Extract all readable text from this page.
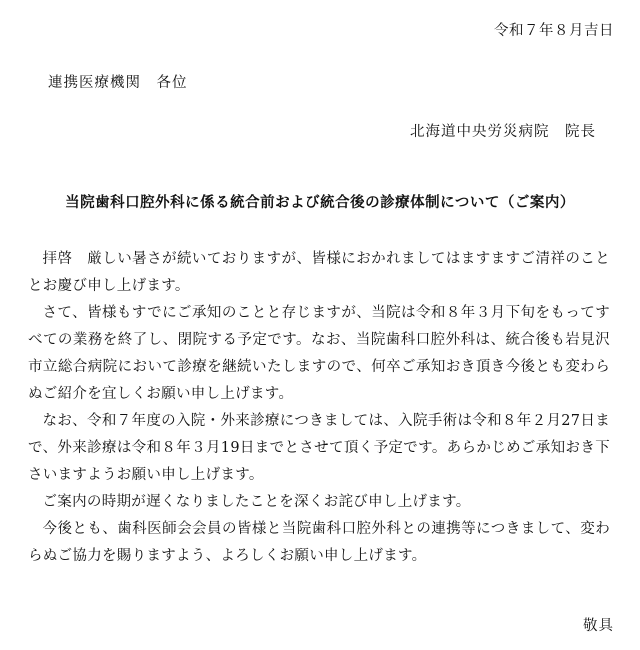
令和７年８月吉日
連携医療機関　各位
北海道中央労災病院　院長
当院歯科口腔外科に係る統合前および統合後の診療体制について（ご案内）

拝啓　厳しい暑さが続いておりますが、皆様におかれましてはますますご清祥のこととお慶び申し上げます。

さて、皆様もすでにご承知のことと存じますが、当院は令和８年３月下旬をもってすべての業務を終了し、閉院する予定です。なお、当院歯科口腔外科は、統合後も岩見沢市立総合病院において診療を継続いたしますので、何卒ご承知おき頂き今後とも変わらぬご紹介を宜しくお願い申し上げます。

なお、令和７年度の入院・外来診療につきましては、入院手術は令和８年２月27日まで、外来診療は令和８年３月19日までとさせて頂く予定です。あらかじめご承知おき下さいますようお願い申し上げます。

ご案内の時期が遅くなりましたことを深くお詫び申し上げます。

今後とも、歯科医師会会員の皆様と当院歯科口腔外科との連携等につきまして、変わらぬご協力を賜りますよう、よろしくお願い申し上げます。

敬具
